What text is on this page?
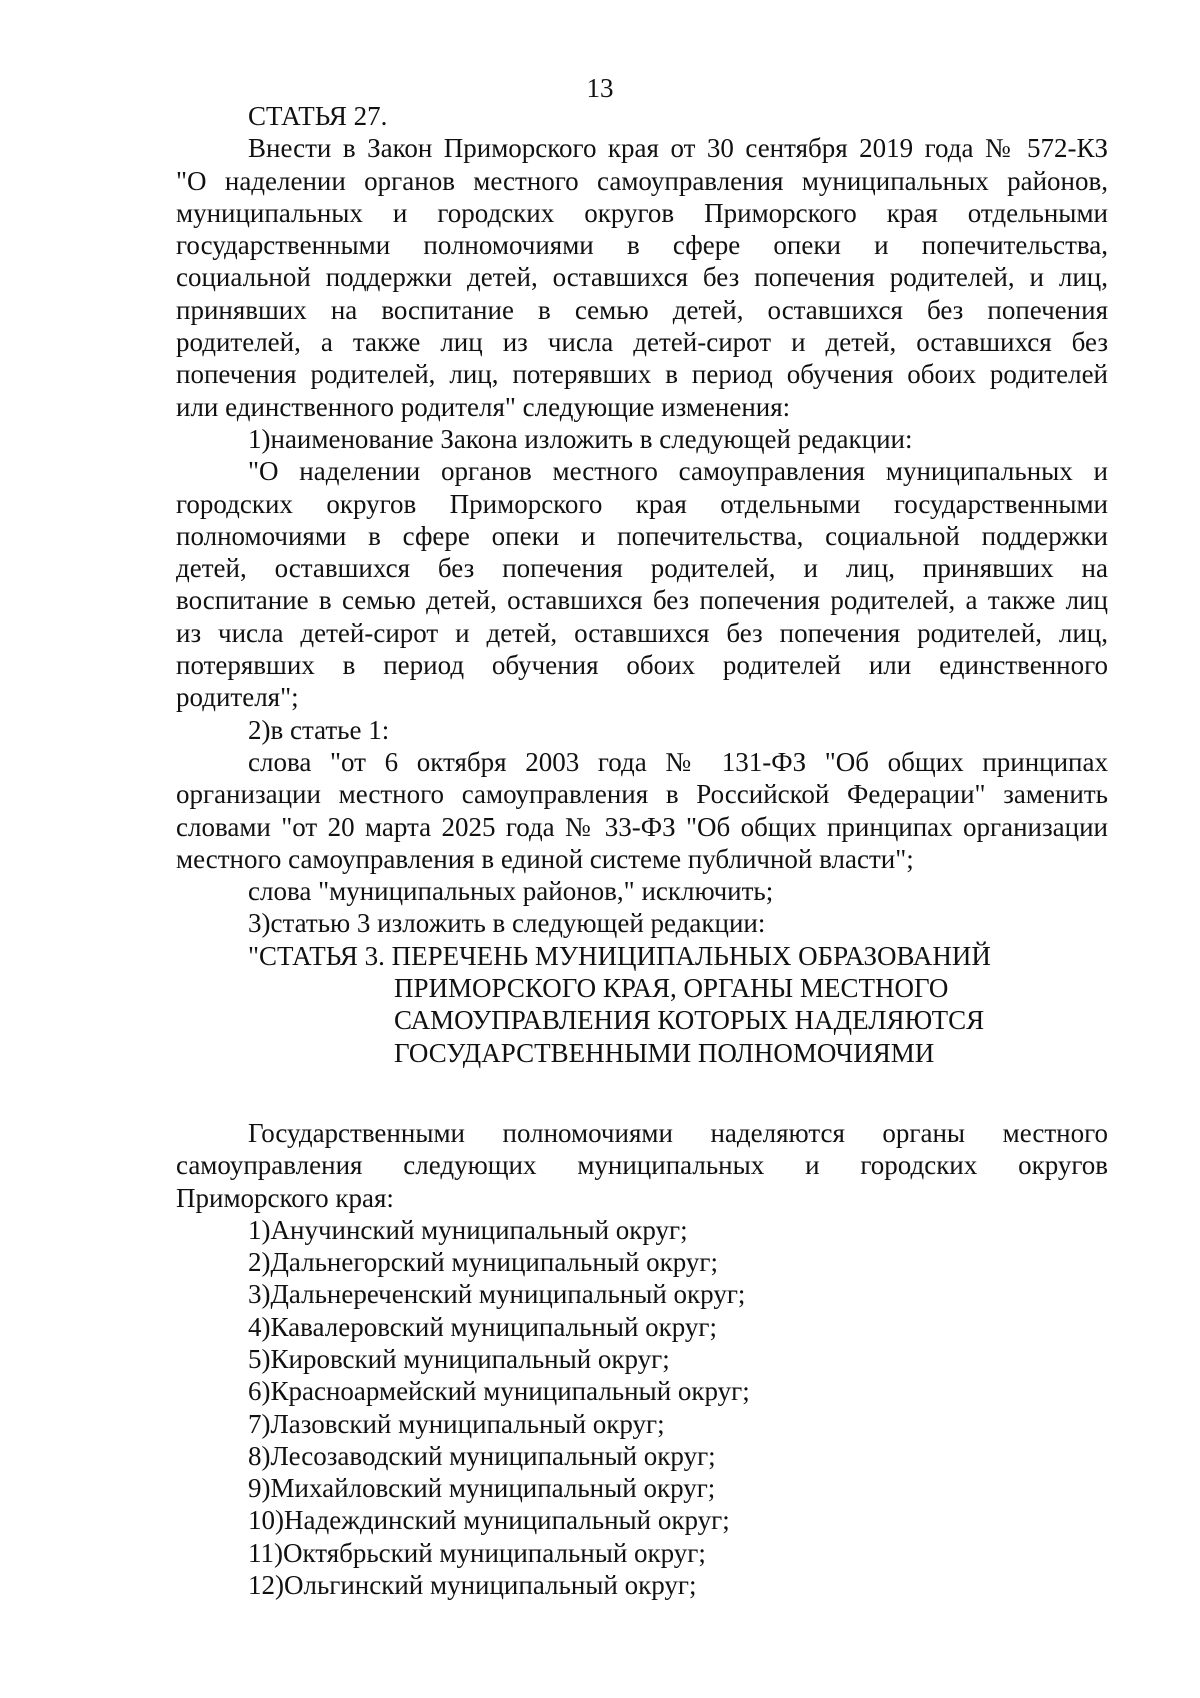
13
СТАТЬЯ 27.
Внести в Закон Приморского края от 30 сентября 2019 года № 572-КЗ
"О наделении органов местного самоуправления муниципальных районов,
муниципальных и городских округов Приморского края отдельными
государственными полномочиями в сфере опеки и попечительства,
социальной поддержки детей, оставшихся без попечения родителей, и лиц,
принявших на воспитание в семью детей, оставшихся без попечения
родителей, а также лиц из числа детей-сирот и детей, оставшихся без
попечения родителей, лиц, потерявших в период обучения обоих родителей
или единственного родителя" следующие изменения:
1)наименование Закона изложить в следующей редакции:
"О наделении органов местного самоуправления муниципальных и
городских округов Приморского края отдельными государственными
полномочиями в сфере опеки и попечительства, социальной поддержки
детей, оставшихся без попечения родителей, и лиц, принявших на
воспитание в семью детей, оставшихся без попечения родителей, а также лиц
из числа детей-сирот и детей, оставшихся без попечения родителей, лиц,
потерявших в период обучения обоих родителей или единственного
родителя";
2)в статье 1:
слова "от 6 октября 2003 года № 131-ФЗ "Об общих принципах
организации местного самоуправления в Российской Федерации" заменить
словами "от 20 марта 2025 года № 33-ФЗ "Об общих принципах организации
местного самоуправления в единой системе публичной власти";
слова "муниципальных районов," исключить;
3)статью 3 изложить в следующей редакции:
"СТАТЬЯ 3. ПЕРЕЧЕНЬ МУНИЦИПАЛЬНЫХ ОБРАЗОВАНИЙ
ПРИМОРСКОГО КРАЯ, ОРГАНЫ МЕСТНОГО
САМОУПРАВЛЕНИЯ КОТОРЫХ НАДЕЛЯЮТСЯ
ГОСУДАРСТВЕННЫМИ ПОЛНОМОЧИЯМИ
Государственными полномочиями наделяются органы местного
самоуправления следующих муниципальных и городских округов
Приморского края:
1)Анучинский муниципальный округ;
2)Дальнегорский муниципальный округ;
3)Дальнереченский муниципальный округ;
4)Кавалеровский муниципальный округ;
5)Кировский муниципальный округ;
6)Красноармейский муниципальный округ;
7)Лазовский муниципальный округ;
8)Лесозаводский муниципальный округ;
9)Михайловский муниципальный округ;
10)Надеждинский муниципальный округ;
11)Октябрьский муниципальный округ;
12)Ольгинский муниципальный округ;
